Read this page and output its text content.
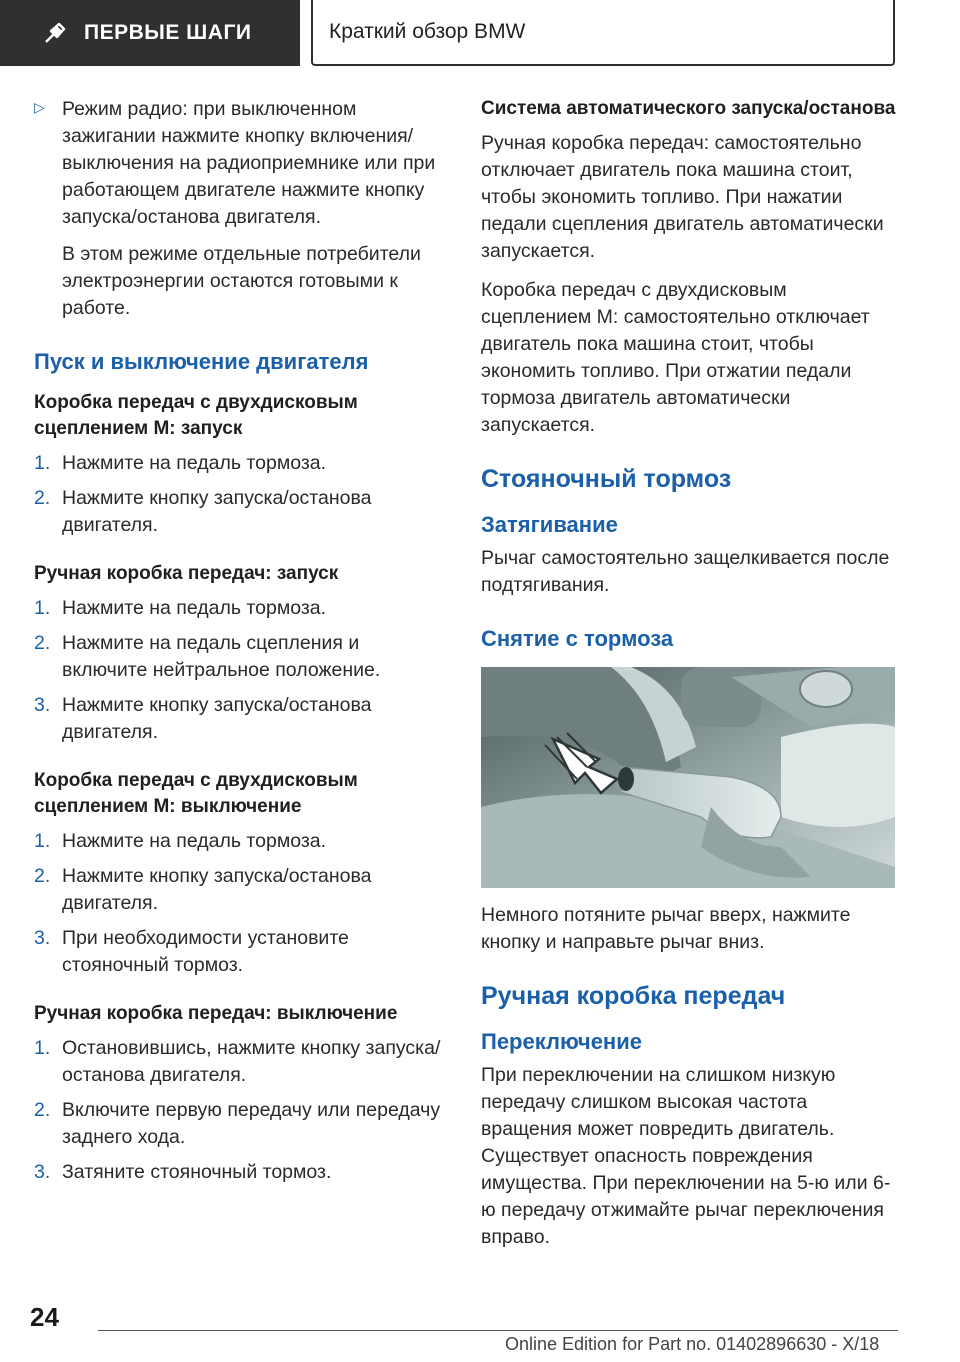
ПЕРВЫЕ ШАГИ	Краткий обзор BMW
▷ Режим радио: при выключенном зажигании нажмите кнопку включения/выключения на радиоприемнике или при работающем двигателе нажмите кнопку запуска/останова двигателя.

В этом режиме отдельные потребители электроэнергии остаются готовыми к работе.

Пуск и выключение двигателя
Коробка передач с двухдисковым сцеплением M: запуск
1. Нажмите на педаль тормоза.
2. Нажмите кнопку запуска/останова двигателя.
Ручная коробка передач: запуск
1. Нажмите на педаль тормоза.
2. Нажмите на педаль сцепления и включите нейтральное положение.
3. Нажмите кнопку запуска/останова двигателя.
Коробка передач с двухдисковым сцеплением M: выключение
1. Нажмите на педаль тормоза.
2. Нажмите кнопку запуска/останова двигателя.
3. При необходимости установите стояночный тормоз.
Ручная коробка передач: выключение
1. Остановившись, нажмите кнопку запуска/останова двигателя.
2. Включите первую передачу или передачу заднего хода.
3. Затяните стояночный тормоз.
Система автоматического запуска/останова

Ручная коробка передач: самостоятельно отключает двигатель пока машина стоит, чтобы экономить топливо. При нажатии педали сцепления двигатель автоматически запускается.

Коробка передач с двухдисковым сцеплением M: самостоятельно отключает двигатель пока машина стоит, чтобы экономить топливо. При отжатии педали тормоза двигатель автоматически запускается.

Стояночный тормоз
Затягивание

Рычаг самостоятельно защелкивается после подтягивания.

Снятие с тормоза

Немного потяните рычаг вверх, нажмите кнопку и направьте рычаг вниз.

Ручная коробка передач
Переключение

При переключении на слишком низкую передачу слишком высокая частота вращения может повредить двигатель. Существует опасность повреждения имущества. При переключении на 5-ю или 6-ю передачу отжимайте рычаг переключения вправо.

24
Online Edition for Part no. 01402896630 - X/18
